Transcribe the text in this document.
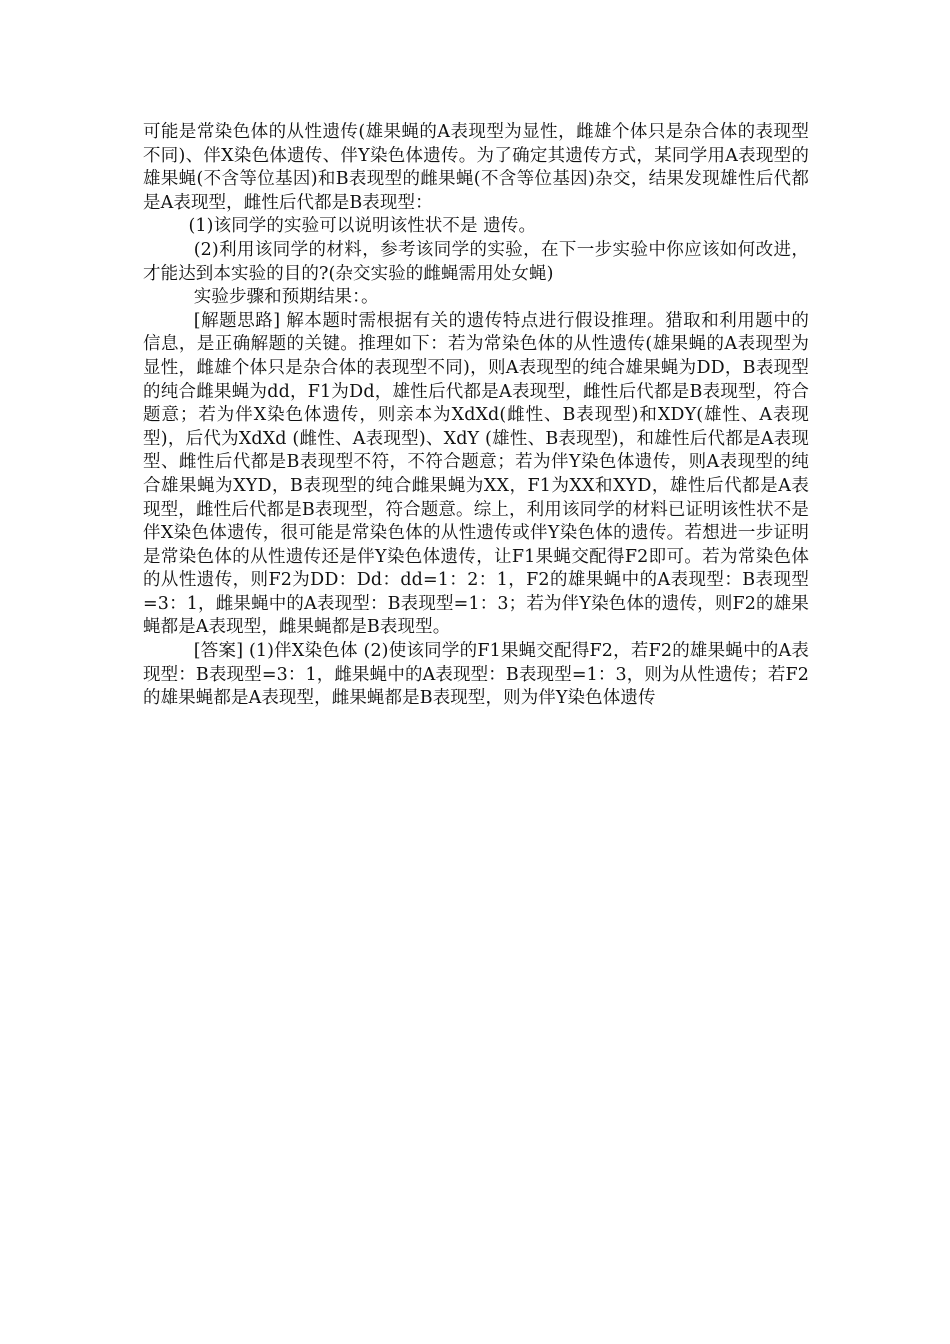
可能是常染色体的从性遗传(雄果蝇的A表现型为显性，雌雄个体只是杂合体的表现型不同)、伴X染色体遗传、伴Y染色体遗传。为了确定其遗传方式，某同学用A表现型的雄果蝇(不含等位基因)和B表现型的雌果蝇(不含等位基因)杂交，结果发现雄性后代都是A表现型，雌性后代都是B表现型：

(1)该同学的实验可以说明该性状不是 遗传。

(2)利用该同学的材料，参考该同学的实验，在下一步实验中你应该如何改进，才能达到本实验的目的?(杂交实验的雌蝇需用处女蝇)

实验步骤和预期结果：。

[解题思路] 解本题时需根据有关的遗传特点进行假设推理。猎取和利用题中的信息，是正确解题的关键。推理如下：若为常染色体的从性遗传(雄果蝇的A表现型为显性，雌雄个体只是杂合体的表现型不同)，则A表现型的纯合雄果蝇为DD，B表现型的纯合雌果蝇为dd，F1为Dd，雄性后代都是A表现型，雌性后代都是B表现型，符合题意；若为伴X染色体遗传，则亲本为XdXd(雌性、B表现型)和XDY(雄性、A表现型)，后代为XdXd (雌性、A表现型)、XdY (雄性、B表现型)，和雄性后代都是A表现型、雌性后代都是B表现型不符，不符合题意；若为伴Y染色体遗传，则A表现型的纯合雄果蝇为XYD，B表现型的纯合雌果蝇为XX，F1为XX和XYD，雄性后代都是A表现型，雌性后代都是B表现型，符合题意。综上，利用该同学的材料已证明该性状不是伴X染色体遗传，很可能是常染色体的从性遗传或伴Y染色体的遗传。若想进一步证明是常染色体的从性遗传还是伴Y染色体遗传，让F1果蝇交配得F2即可。若为常染色体的从性遗传，则F2为DD：Dd：dd=1：2：1，F2的雄果蝇中的A表现型：B表现型=3：1，雌果蝇中的A表现型：B表现型=1：3；若为伴Y染色体的遗传，则F2的雄果蝇都是A表现型，雌果蝇都是B表现型。

[答案] (1)伴X染色体 (2)使该同学的F1果蝇交配得F2，若F2的雄果蝇中的A表现型：B表现型=3：1，雌果蝇中的A表现型：B表现型=1：3，则为从性遗传；若F2的雄果蝇都是A表现型，雌果蝇都是B表现型，则为伴Y染色体遗传
